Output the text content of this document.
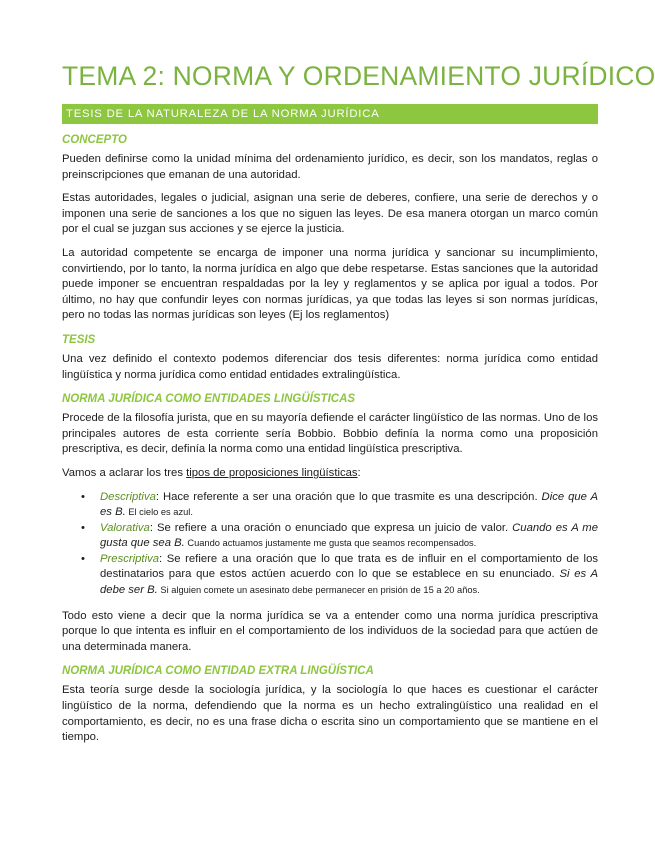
TEMA 2: NORMA Y ORDENAMIENTO JURÍDICO
TESIS DE LA NATURALEZA DE LA NORMA JURÍDICA
CONCEPTO

Pueden definirse como la unidad mínima del ordenamiento jurídico, es decir, son los mandatos, reglas o preinscripciones que emanan de una autoridad.

Estas autoridades, legales o judicial, asignan una serie de deberes, confiere, una serie de derechos y o imponen una serie de sanciones a los que no siguen las leyes. De esa manera otorgan un marco común por el cual se juzgan sus acciones y se ejerce la justicia.

La autoridad competente se encarga de imponer una norma jurídica y sancionar su incumplimiento, convirtiendo, por lo tanto, la norma jurídica en algo que debe respetarse. Estas sanciones que la autoridad puede imponer se encuentran respaldadas por la ley y reglamentos y se aplica por igual a todos. Por último, no hay que confundir leyes con normas jurídicas, ya que todas las leyes si son normas jurídicas, pero no todas las normas jurídicas son leyes (Ej los reglamentos)

TESIS

Una vez definido el contexto podemos diferenciar dos tesis diferentes: norma jurídica como entidad lingüística y norma jurídica como entidad entidades extralingüística.

NORMA JURÍDICA COMO ENTIDADES LINGÜÍSTICAS

Procede de la filosofía jurista, que en su mayoría defiende el carácter lingüístico de las normas. Uno de los principales autores de esta corriente sería Bobbio. Bobbio definía la norma como una proposición prescriptiva, es decir, definía la norma como una entidad lingüística prescriptiva.

Vamos a aclarar los tres tipos de proposiciones lingüísticas:

• Descriptiva: Hace referente a ser una oración que lo que trasmite es una descripción. Dice que A es B. El cielo es azul.
• Valorativa: Se refiere a una oración o enunciado que expresa un juicio de valor. Cuando es A me gusta que sea B. Cuando actuamos justamente me gusta que seamos recompensados.
• Prescriptiva: Se refiere a una oración que lo que trata es de influir en el comportamiento de los destinatarios para que estos actúen acuerdo con lo que se establece en su enunciado. Si es A debe ser B. Si alguien comete un asesinato debe permanecer en prisión de 15 a 20 años.

Todo esto viene a decir que la norma jurídica se va a entender como una norma jurídica prescriptiva porque lo que intenta es influir en el comportamiento de los individuos de la sociedad para que actúen de una determinada manera.

NORMA JURÍDICA COMO ENTIDAD EXTRA LINGÜÍSTICA

Esta teoría surge desde la sociología jurídica, y la sociología lo que haces es cuestionar el carácter lingüístico de la norma, defendiendo que la norma es un hecho extralingüístico una realidad en el comportamiento, es decir, no es una frase dicha o escrita sino un comportamiento que se mantiene en el tiempo.
